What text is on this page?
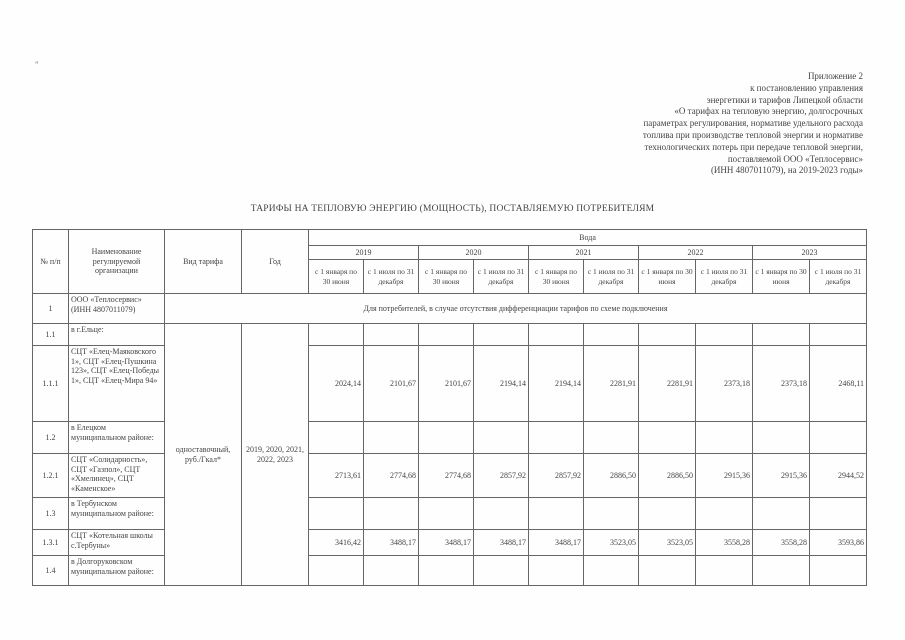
"
Приложение 2
к постановлению управления
энергетики и тарифов Липецкой области
«О тарифах на тепловую энергию, долгосрочных
параметрах регулирования, нормативе удельного расхода
топлива при производстве тепловой энергии и нормативе
технологических потерь при передаче тепловой энергии,
поставляемой ООО «Теплосервис»
(ИНН 4807011079), на 2019-2023 годы»
ТАРИФЫ НА ТЕПЛОВУЮ ЭНЕРГИЮ (МОЩНОСТЬ), ПОСТАВЛЯЕМУЮ ПОТРЕБИТЕЛЯМ
№ п/п	Наименование регулируемой организации	Вид тарифа	Год	Вода									
				2019		2020		2021		2022		2023	
				с 1 января по 30 июня	с 1 июля по 31 декабря	с 1 января по 30 июня	с 1 июля по 31 декабря	с 1 января по 30 июня	с 1 июля по 31 декабря	с 1 января по 30 июня	с 1 июля по 31 декабря	с 1 января по 30 июня	с 1 июля по 31 декабря
1	ООО «Теплосервис» (ИНН 4807011079)	Для потребителей, в случае отсутствия дифференциации тарифов по схеме подключения											
1.1	в г.Ельце:	одноставочный, руб./Гкал*	2019, 2020, 2021, 2022, 2023										
1.1.1	СЦТ «Елец-Маяковского 1», СЦТ «Елец-Пушкина 123», СЦТ «Елец-Победы 1», СЦТ «Елец-Мира 94»			2024,14	2101,67	2101,67	2194,14	2194,14	2281,91	2281,91	2373,18	2373,18	2468,11
1.2	в Елецком муниципальном районе:												
1.2.1	СЦТ «Солидарность», СЦТ «Газпол», СЦТ «Хмелинец», СЦТ «Каменское»			2713,61	2774,68	2774,68	2857,92	2857,92	2886,50	2886,50	2915,36	2915,36	2944,52
1.3	в Тербунском муниципальном районе:												
1.3.1	СЦТ «Котельная школы с.Тербуны»			3416,42	3488,17	3488,17	3488,17	3488,17	3523,05	3523,05	3558,28	3558,28	3593,86
1.4	в Долгоруковском муниципальном районе:												
